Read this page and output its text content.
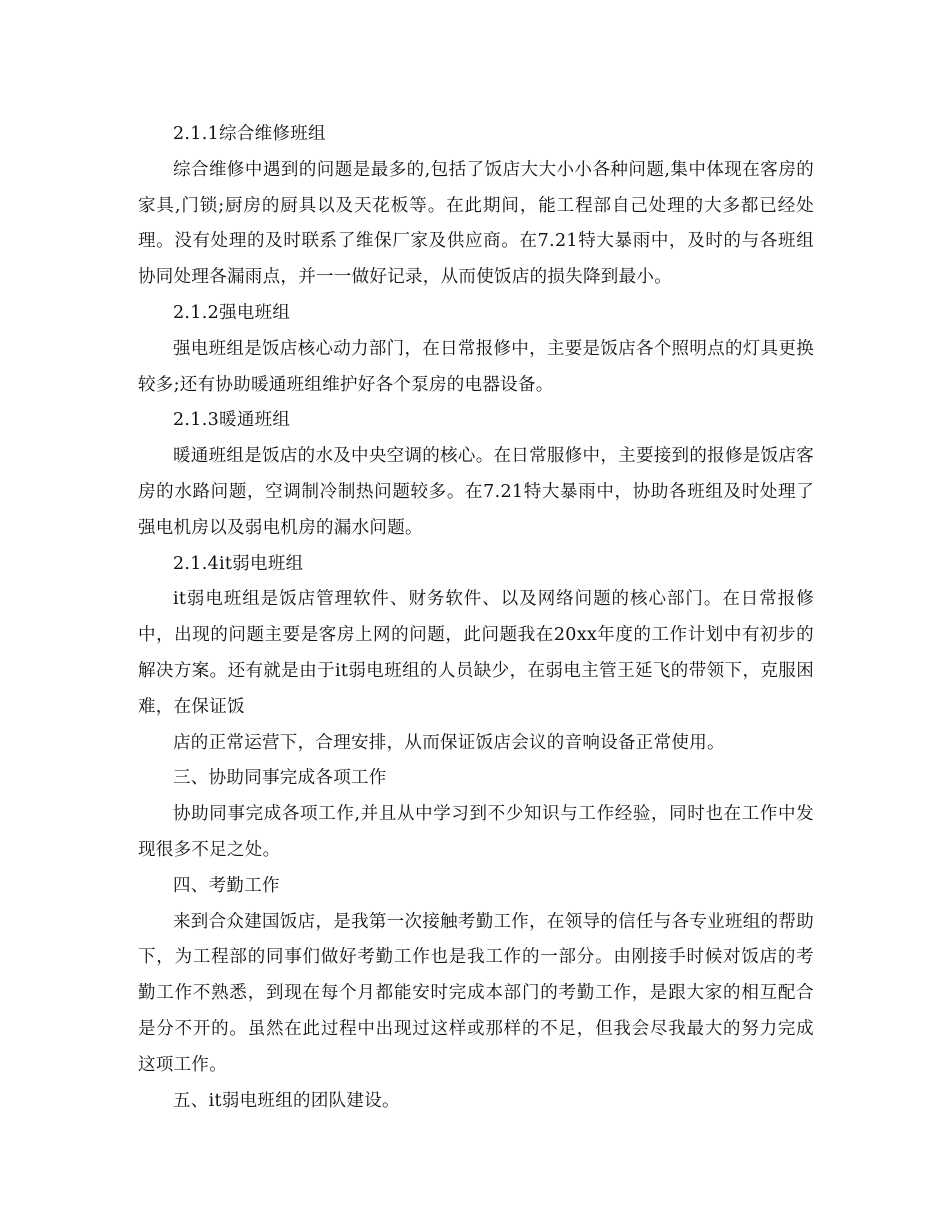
2.1.1综合维修班组

综合维修中遇到的问题是最多的,包括了饭店大大小小各种问题,集中体现在客房的家具,门锁;厨房的厨具以及天花板等。在此期间，能工程部自己处理的大多都已经处理。没有处理的及时联系了维保厂家及供应商。在7.21特大暴雨中，及时的与各班组协同处理各漏雨点，并一一做好记录，从而使饭店的损失降到最小。

2.1.2强电班组

强电班组是饭店核心动力部门，在日常报修中，主要是饭店各个照明点的灯具更换较多;还有协助暖通班组维护好各个泵房的电器设备。

2.1.3暖通班组

暖通班组是饭店的水及中央空调的核心。在日常服修中，主要接到的报修是饭店客房的水路问题，空调制冷制热问题较多。在7.21特大暴雨中，协助各班组及时处理了强电机房以及弱电机房的漏水问题。

2.1.4it弱电班组

it弱电班组是饭店管理软件、财务软件、以及网络问题的核心部门。在日常报修中，出现的问题主要是客房上网的问题，此问题我在20xx年度的工作计划中有初步的解决方案。还有就是由于it弱电班组的人员缺少，在弱电主管王延飞的带领下，克服困难，在保证饭

店的正常运营下，合理安排，从而保证饭店会议的音响设备正常使用。

三、协助同事完成各项工作

协助同事完成各项工作,并且从中学习到不少知识与工作经验，同时也在工作中发现很多不足之处。

四、考勤工作

来到合众建国饭店，是我第一次接触考勤工作，在领导的信任与各专业班组的帮助下，为工程部的同事们做好考勤工作也是我工作的一部分。由刚接手时候对饭店的考勤工作不熟悉，到现在每个月都能安时完成本部门的考勤工作，是跟大家的相互配合是分不开的。虽然在此过程中出现过这样或那样的不足，但我会尽我最大的努力完成这项工作。

五、it弱电班组的团队建设。
